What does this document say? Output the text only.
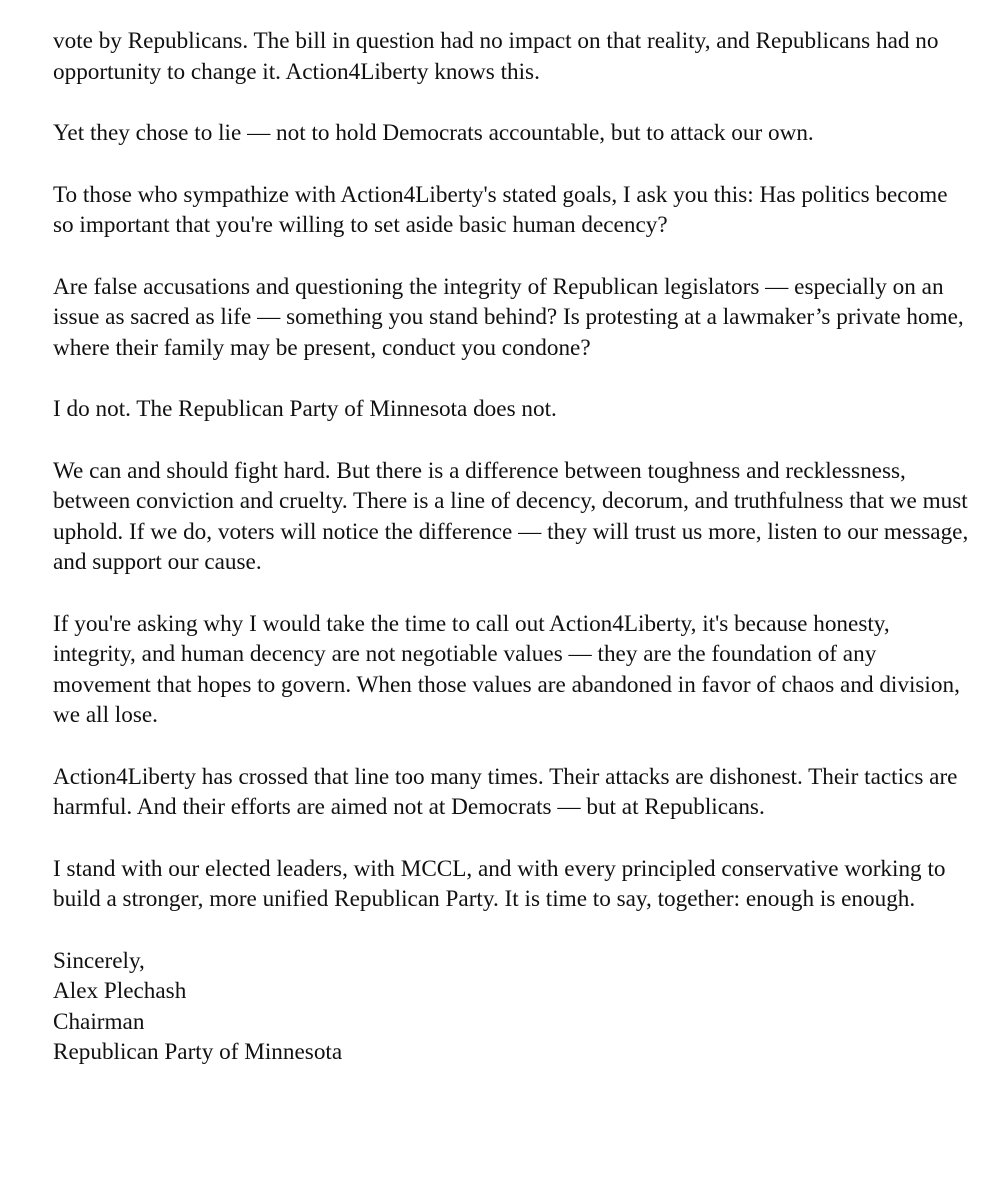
vote by Republicans. The bill in question had no impact on that reality, and Republicans had no opportunity to change it. Action4Liberty knows this.

Yet they chose to lie — not to hold Democrats accountable, but to attack our own.

To those who sympathize with Action4Liberty's stated goals, I ask you this: Has politics become so important that you're willing to set aside basic human decency?

Are false accusations and questioning the integrity of Republican legislators — especially on an issue as sacred as life — something you stand behind? Is protesting at a lawmaker’s private home, where their family may be present, conduct you condone?

I do not. The Republican Party of Minnesota does not.

We can and should fight hard. But there is a difference between toughness and recklessness, between conviction and cruelty. There is a line of decency, decorum, and truthfulness that we must uphold. If we do, voters will notice the difference — they will trust us more, listen to our message, and support our cause.

If you're asking why I would take the time to call out Action4Liberty, it's because honesty, integrity, and human decency are not negotiable values — they are the foundation of any movement that hopes to govern. When those values are abandoned in favor of chaos and division, we all lose.

Action4Liberty has crossed that line too many times. Their attacks are dishonest. Their tactics are harmful. And their efforts are aimed not at Democrats — but at Republicans.

I stand with our elected leaders, with MCCL, and with every principled conservative working to build a stronger, more unified Republican Party. It is time to say, together: enough is enough.

Sincerely,
Alex Plechash
Chairman
Republican Party of Minnesota
